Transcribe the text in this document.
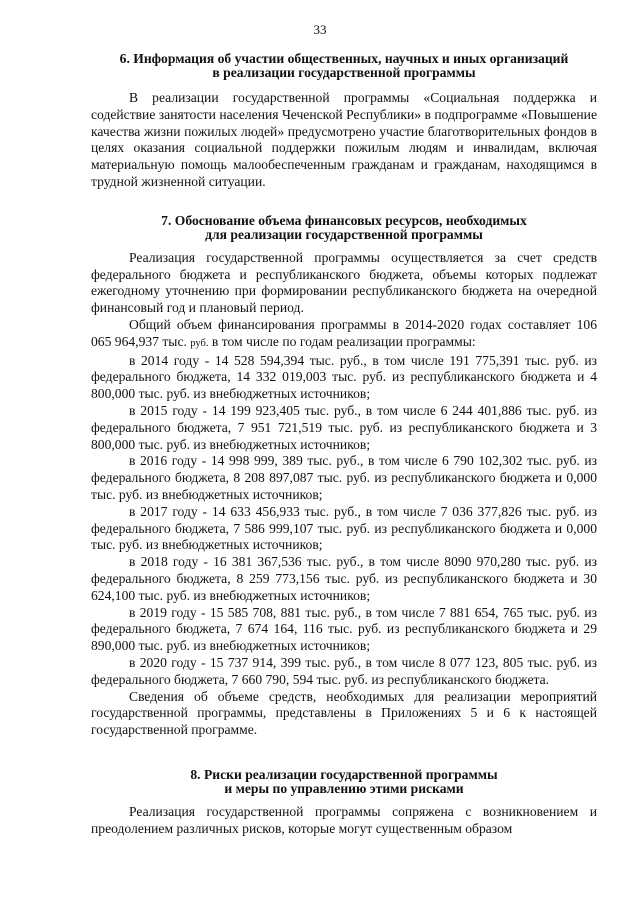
33
6. Информация об участии общественных, научных и иных организаций
в реализации государственной программы

В реализации государственной программы «Социальная поддержка и содействие занятости населения Чеченской Республики» в подпрограмме «Повышение качества жизни пожилых людей» предусмотрено участие благотворительных фондов в целях оказания социальной поддержки пожилым людям и инвалидам, включая материальную помощь малообеспеченным гражданам и гражданам, находящимся в трудной жизненной ситуации.

7. Обоснование объема финансовых ресурсов, необходимых
для реализации государственной программы

Реализация государственной программы осуществляется за счет средств федерального бюджета и республиканского бюджета, объемы которых подлежат ежегодному уточнению при формировании республиканского бюджета на очередной финансовый год и плановый период.

Общий объем финансирования программы в 2014-2020 годах составляет 106 065 964,937 тыс. руб. в том числе по годам реализации программы:

в 2014 году - 14 528 594,394 тыс. руб., в том числе 191 775,391 тыс. руб. из федерального бюджета, 14 332 019,003 тыс. руб. из республиканского бюджета и 4 800,000 тыс. руб. из внебюджетных источников;

в 2015 году - 14 199 923,405 тыс. руб., в том числе 6 244 401,886 тыс. руб. из федерального бюджета, 7 951 721,519 тыс. руб. из республиканского бюджета и 3 800,000 тыс. руб. из внебюджетных источников;

в 2016 году - 14 998 999, 389 тыс. руб., в том числе 6 790 102,302 тыс. руб. из федерального бюджета, 8 208 897,087 тыс. руб. из республиканского бюджета и 0,000 тыс. руб. из внебюджетных источников;

в 2017 году - 14 633 456,933 тыс. руб., в том числе 7 036 377,826 тыс. руб. из федерального бюджета, 7 586 999,107 тыс. руб. из республиканского бюджета и 0,000 тыс. руб. из внебюджетных источников;

в 2018 году - 16 381 367,536 тыс. руб., в том числе 8090 970,280 тыс. руб. из федерального бюджета, 8 259 773,156 тыс. руб. из республиканского бюджета и 30 624,100 тыс. руб. из внебюджетных источников;

в 2019 году - 15 585 708, 881 тыс. руб., в том числе 7 881 654, 765 тыс. руб. из федерального бюджета, 7 674 164, 116 тыс. руб. из республиканского бюджета и 29 890,000 тыс. руб. из внебюджетных источников;

в 2020 году - 15 737 914, 399 тыс. руб., в том числе 8 077 123, 805 тыс. руб. из федерального бюджета, 7 660 790, 594 тыс. руб. из республиканского бюджета.

Сведения об объеме средств, необходимых для реализации мероприятий государственной программы, представлены в Приложениях 5 и 6 к настоящей государственной программе.

8. Риски реализации государственной программы
и меры по управлению этими рисками

Реализация государственной программы сопряжена с возникновением и преодолением различных рисков, которые могут существенным образом
